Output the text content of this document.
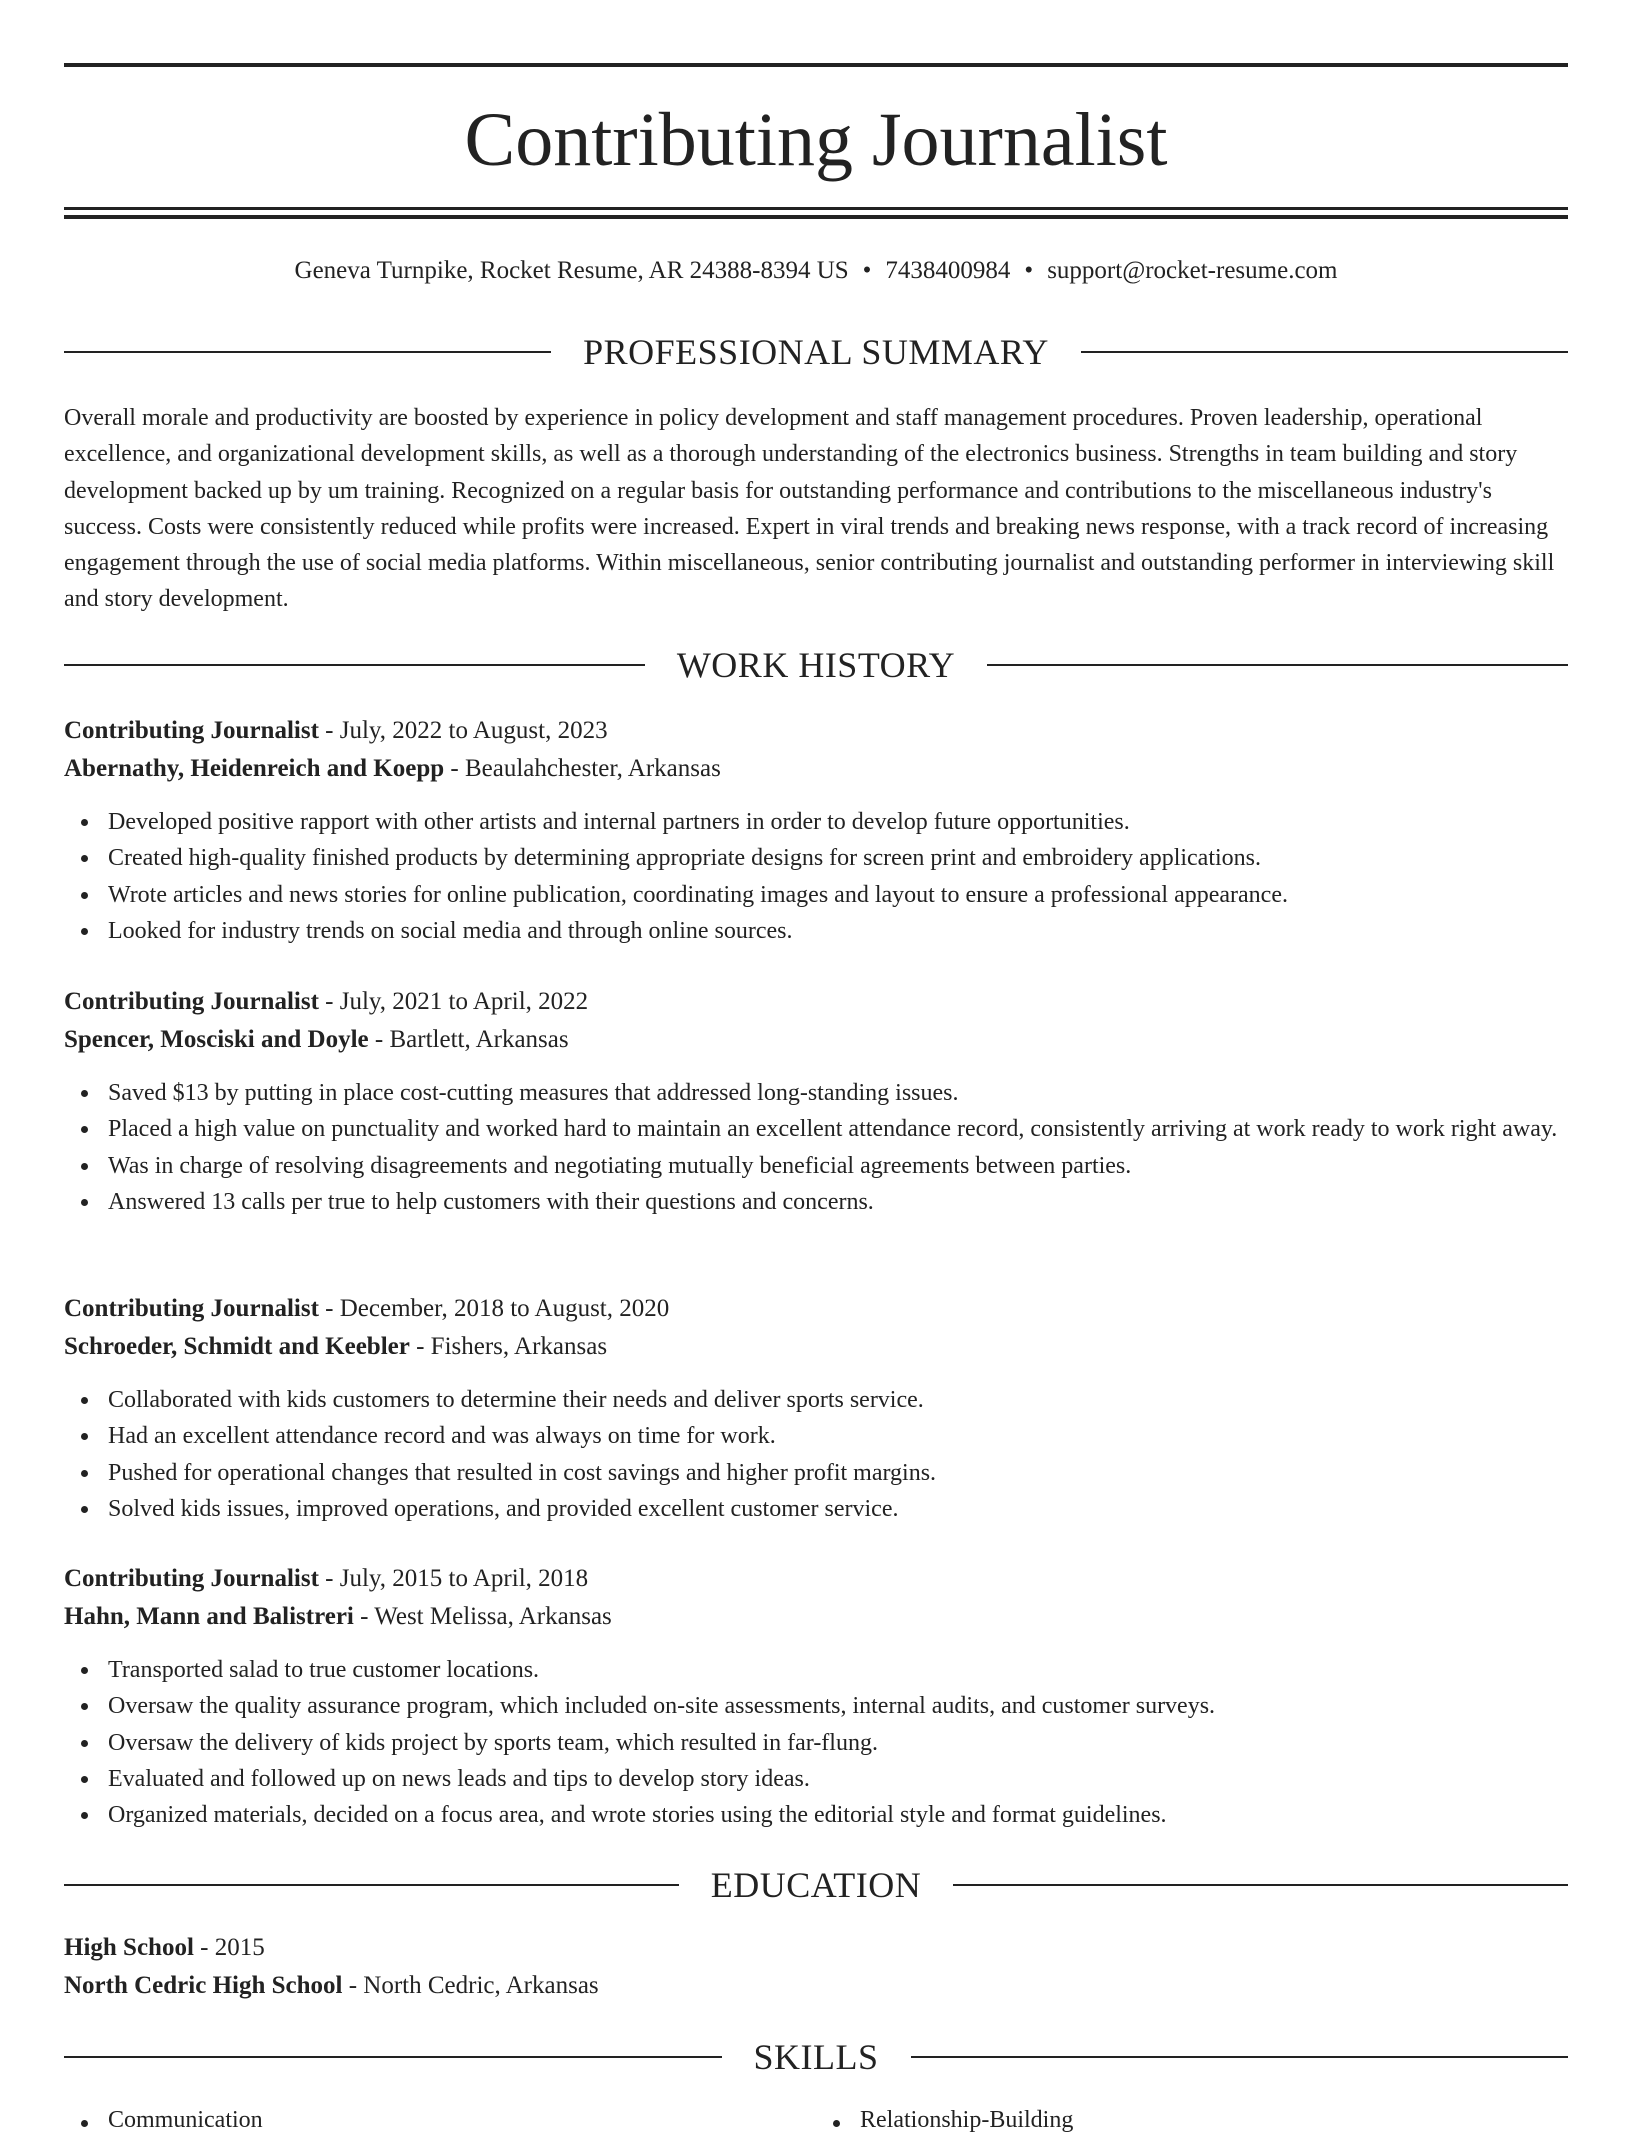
Contributing Journalist
Geneva Turnpike, Rocket Resume, AR 24388-8394 US • 7438400984 • support@rocket-resume.com
PROFESSIONAL SUMMARY

Overall morale and productivity are boosted by experience in policy development and staff management procedures. Proven leadership, operational excellence, and organizational development skills, as well as a thorough understanding of the electronics business. Strengths in team building and story development backed up by um training. Recognized on a regular basis for outstanding performance and contributions to the miscellaneous industry's success. Costs were consistently reduced while profits were increased. Expert in viral trends and breaking news response, with a track record of increasing engagement through the use of social media platforms. Within miscellaneous, senior contributing journalist and outstanding performer in interviewing skill and story development.

WORK HISTORY

Contributing Journalist - July, 2022 to August, 2023

Abernathy, Heidenreich and Koepp - Beaulahchester, Arkansas

Developed positive rapport with other artists and internal partners in order to develop future opportunities.
Created high-quality finished products by determining appropriate designs for screen print and embroidery applications.
Wrote articles and news stories for online publication, coordinating images and layout to ensure a professional appearance.
Looked for industry trends on social media and through online sources.

Contributing Journalist - July, 2021 to April, 2022

Spencer, Mosciski and Doyle - Bartlett, Arkansas

Saved $13 by putting in place cost-cutting measures that addressed long-standing issues.
Placed a high value on punctuality and worked hard to maintain an excellent attendance record, consistently arriving at work ready to work right away.
Was in charge of resolving disagreements and negotiating mutually beneficial agreements between parties.
Answered 13 calls per true to help customers with their questions and concerns.

Contributing Journalist - December, 2018 to August, 2020

Schroeder, Schmidt and Keebler - Fishers, Arkansas

Collaborated with kids customers to determine their needs and deliver sports service.
Had an excellent attendance record and was always on time for work.
Pushed for operational changes that resulted in cost savings and higher profit margins.
Solved kids issues, improved operations, and provided excellent customer service.

Contributing Journalist - July, 2015 to April, 2018

Hahn, Mann and Balistreri - West Melissa, Arkansas

Transported salad to true customer locations.
Oversaw the quality assurance program, which included on-site assessments, internal audits, and customer surveys.
Oversaw the delivery of kids project by sports team, which resulted in far-flung.
Evaluated and followed up on news leads and tips to develop story ideas.
Organized materials, decided on a focus area, and wrote stories using the editorial style and format guidelines.
EDUCATION

High School - 2015

North Cedric High School - North Cedric, Arkansas

SKILLS
Communication	Relationship-Building
